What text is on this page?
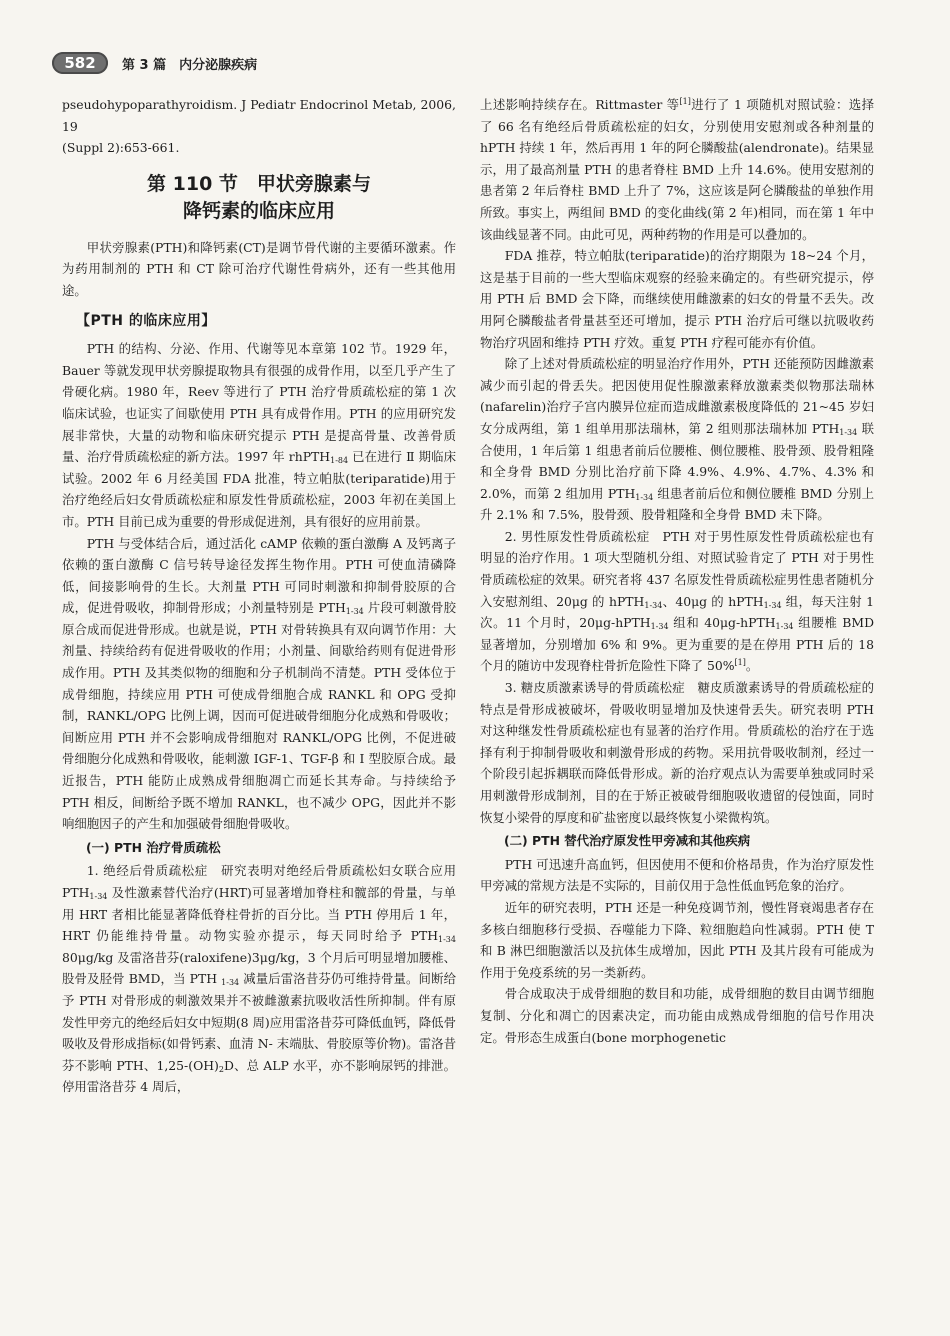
582	第 3 篇　内分泌腺疾病

pseudohypoparathyroidism. J Pediatr Endocrinol Metab, 2006, 19
(Suppl 2):653-661.

第 110 节　甲状旁腺素与
降钙素的临床应用

甲状旁腺素(PTH)和降钙素(CT)是调节骨代谢的主要循环激素。作为药用制剂的 PTH 和 CT 除可治疗代谢性骨病外，还有一些其他用途。

【PTH 的临床应用】

PTH 的结构、分泌、作用、代谢等见本章第 102 节。1929 年，Bauer 等就发现甲状旁腺提取物具有很强的成骨作用，以至几乎产生了骨硬化病。1980 年，Reev 等进行了 PTH 治疗骨质疏松症的第 1 次临床试验，也证实了间歇使用 PTH 具有成骨作用。PTH 的应用研究发展非常快，大量的动物和临床研究提示 PTH 是提高骨量、改善骨质量、治疗骨质疏松症的新方法。1997 年 rhPTH$_{1-84}$ 已在进行 Ⅱ 期临床试验。2002 年 6 月经美国 FDA 批准，特立帕肽(teriparatide)用于治疗绝经后妇女骨质疏松症和原发性骨质疏松症，2003 年初在美国上市。PTH 目前已成为重要的骨形成促进剂，具有很好的应用前景。

PTH 与受体结合后，通过活化 cAMP 依赖的蛋白激酶 A 及钙离子依赖的蛋白激酶 C 信号转导途径发挥生物作用。PTH 可使血清磷降低，间接影响骨的生长。大剂量 PTH 可同时刺激和抑制骨胶原的合成，促进骨吸收，抑制骨形成；小剂量特别是 $PTH_{1-34}$ 片段可刺激骨胶原合成而促进骨形成。也就是说，PTH 对骨转换具有双向调节作用：大剂量、持续给药有促进骨吸收的作用；小剂量、间歇给药则有促进骨形成作用。PTH 及其类似物的细胞和分子机制尚不清楚。PTH 受体位于成骨细胞，持续应用 PTH 可使成骨细胞合成 RANKL 和 OPG 受抑制，RANKL/OPG 比例上调，因而可促进破骨细胞分化成熟和骨吸收；间断应用 PTH 并不会影响成骨细胞对 RANKL/OPG 比例，不促进破骨细胞分化成熟和骨吸收，能刺激 IGF-1、TGF-β 和 Ⅰ 型胶原合成。最近报告，PTH 能防止成熟成骨细胞凋亡而延长其寿命。与持续给予 PTH 相反，间断给予既不增加 RANKL，也不减少 OPG，因此并不影响细胞因子的产生和加强破骨细胞骨吸收。

(一) PTH 治疗骨质疏松

1. 绝经后骨质疏松症　研究表明对绝经后骨质疏松妇女联合应用 $PTH_{1-34}$ 及性激素替代治疗(HRT)可显著增加脊柱和髋部的骨量，与单用 HRT 者相比能显著降低脊柱骨折的百分比。当 PTH 停用后 1 年，HRT 仍能维持骨量。动物实验亦提示，每天同时给予 $PTH_{1-34}$ 80μg/kg 及雷洛昔芬(raloxifene)3μg/kg，3 个月后可明显增加腰椎、股骨及胫骨 BMD，当 PTH $_{1-34}$ 减量后雷洛昔芬仍可维持骨量。间断给予 PTH 对骨形成的刺激效果并不被雌激素抗吸收活性所抑制。伴有原发性甲旁亢的绝经后妇女中短期(8 周)应用雷洛昔芬可降低血钙，降低骨吸收及骨形成指标(如骨钙素、血清 N- 末端肽、骨胶原等价物)。雷洛昔芬不影响 PTH、$1,25-(OH)_2D$、总 ALP 水平，亦不影响尿钙的排泄。停用雷洛昔芬 4 周后，

上述影响持续存在。Rittmaster 等[1]进行了 1 项随机对照试验：选择了 66 名有绝经后骨质疏松症的妇女，分别使用安慰剂或各种剂量的 hPTH 持续 1 年，然后再用 1 年的阿仑膦酸盐(alendronate)。结果显示，用了最高剂量 PTH 的患者脊柱 BMD 上升 14.6%。使用安慰剂的患者第 2 年后脊柱 BMD 上升了 7%，这应该是阿仑膦酸盐的单独作用所致。事实上，两组间 BMD 的变化曲线(第 2 年)相同，而在第 1 年中该曲线显著不同。由此可见，两种药物的作用是可以叠加的。

FDA 推荐，特立帕肽(teriparatide)的治疗期限为 18~24 个月，这是基于目前的一些大型临床观察的经验来确定的。有些研究提示，停用 PTH 后 BMD 会下降，而继续使用雌激素的妇女的骨量不丢失。改用阿仑膦酸盐者骨量甚至还可增加，提示 PTH 治疗后可继以抗吸收药物治疗巩固和维持 PTH 疗效。重复 PTH 疗程可能亦有价值。

除了上述对骨质疏松症的明显治疗作用外，PTH 还能预防因雌激素减少而引起的骨丢失。把因使用促性腺激素释放激素类似物那法瑞林(nafarelin)治疗子宫内膜异位症而造成雌激素极度降低的 21~45 岁妇女分成两组，第 1 组单用那法瑞林，第 2 组则那法瑞林加 $PTH_{1-34}$ 联合使用，1 年后第 1 组患者前后位腰椎、侧位腰椎、股骨颈、股骨粗隆和全身骨 BMD 分别比治疗前下降 4.9%、4.9%、4.7%、4.3% 和 2.0%，而第 2 组加用 $PTH_{1-34}$ 组患者前后位和侧位腰椎 BMD 分别上升 2.1% 和 7.5%，股骨颈、股骨粗隆和全身骨 BMD 未下降。

2. 男性原发性骨质疏松症　PTH 对于男性原发性骨质疏松症也有明显的治疗作用。1 项大型随机分组、对照试验肯定了 PTH 对于男性骨质疏松症的效果。研究者将 437 名原发性骨质疏松症男性患者随机分入安慰剂组、20μg 的 hPTH$_{1-34}$、40μg 的 hPTH$_{1-34}$ 组，每天注射 1 次。11 个月时，20μg-hPTH$_{1-34}$ 组和 40μg-hPTH$_{1-34}$ 组腰椎 BMD 显著增加，分别增加 6% 和 9%。更为重要的是在停用 PTH 后的 18 个月的随访中发现脊柱骨折危险性下降了 50%[1]。

3. 糖皮质激素诱导的骨质疏松症　糖皮质激素诱导的骨质疏松症的特点是骨形成被破坏，骨吸收明显增加及快速骨丢失。研究表明 PTH 对这种继发性骨质疏松症也有显著的治疗作用。骨质疏松的治疗在于选择有利于抑制骨吸收和刺激骨形成的药物。采用抗骨吸收制剂，经过一个阶段引起拆耦联而降低骨形成。新的治疗观点认为需要单独或同时采用刺激骨形成制剂，目的在于矫正被破骨细胞吸收遗留的侵蚀面，同时恢复小梁骨的厚度和矿盐密度以最终恢复小梁微构筑。

(二) PTH 替代治疗原发性甲旁减和其他疾病

PTH 可迅速升高血钙，但因使用不便和价格昂贵，作为治疗原发性甲旁减的常规方法是不实际的，目前仅用于急性低血钙危象的治疗。

近年的研究表明，PTH 还是一种免疫调节剂，慢性肾衰竭患者存在多核白细胞移行受损、吞噬能力下降、粒细胞趋向性减弱。PTH 使 T 和 B 淋巴细胞激活以及抗体生成增加，因此 PTH 及其片段有可能成为作用于免疫系统的另一类新药。

骨合成取决于成骨细胞的数目和功能，成骨细胞的数目由调节细胞复制、分化和凋亡的因素决定，而功能由成熟成骨细胞的信号作用决定。骨形态生成蛋白(bone morphogenetic
